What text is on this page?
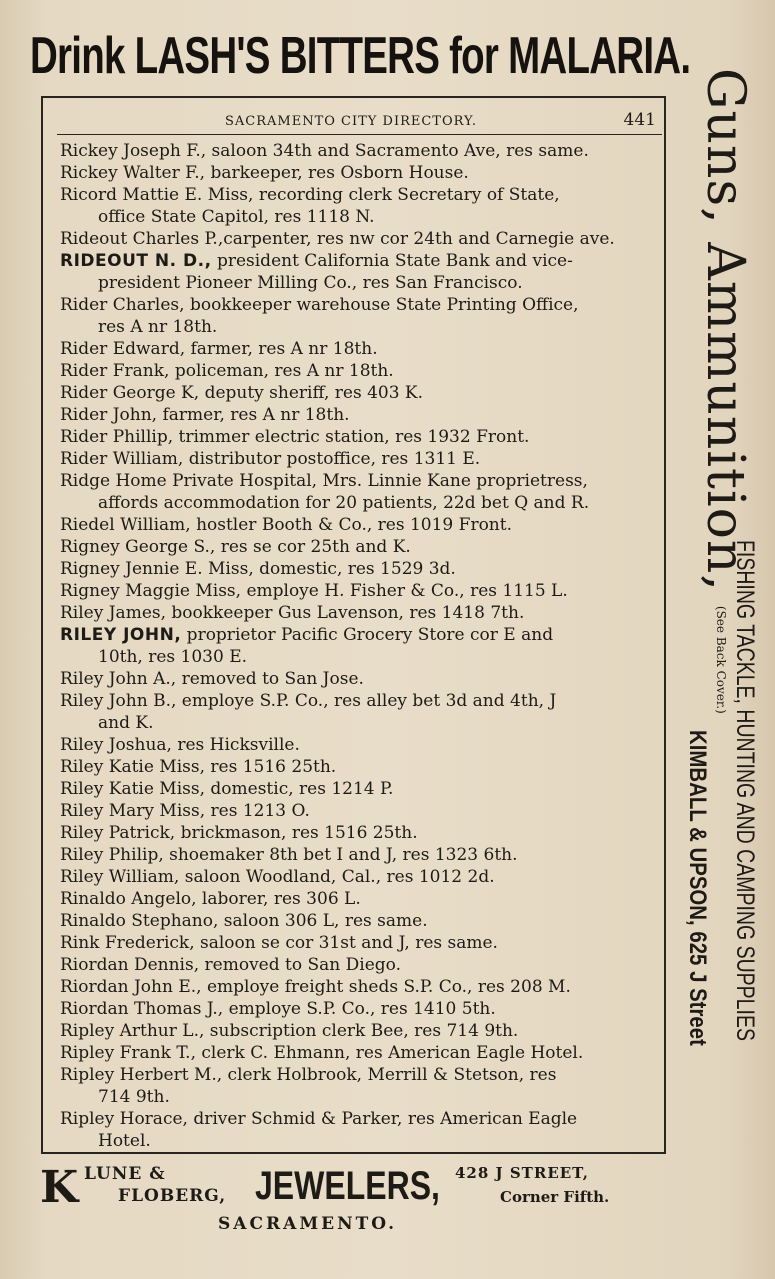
Drink LASH'S BITTERS for MALARIA.
SACRAMENTO CITY DIRECTORY.	441
Rickey Joseph F., saloon 34th and Sacramento Ave, res same.
Rickey Walter F., barkeeper, res Osborn House.
Ricord Mattie E. Miss, recording clerk Secretary of State,
office State Capitol, res 1118 N.
Rideout Charles P.,carpenter, res nw cor 24th and Carnegie ave.
RIDEOUT N. D., president California State Bank and vice-
president Pioneer Milling Co., res San Francisco.
Rider Charles, bookkeeper warehouse State Printing Office,
res A nr 18th.
Rider Edward, farmer, res A nr 18th.
Rider Frank, policeman, res A nr 18th.
Rider George K, deputy sheriff, res 403 K.
Rider John, farmer, res A nr 18th.
Rider Phillip, trimmer electric station, res 1932 Front.
Rider William, distributor postoffice, res 1311 E.
Ridge Home Private Hospital, Mrs. Linnie Kane proprietress,
affords accommodation for 20 patients, 22d bet Q and R.
Riedel William, hostler Booth & Co., res 1019 Front.
Rigney George S., res se cor 25th and K.
Rigney Jennie E. Miss, domestic, res 1529 3d.
Rigney Maggie Miss, employe H. Fisher & Co., res 1115 L.
Riley James, bookkeeper Gus Lavenson, res 1418 7th.
RILEY JOHN, proprietor Pacific Grocery Store cor E and
10th, res 1030 E.
Riley John A., removed to San Jose.
Riley John B., employe S.P. Co., res alley bet 3d and 4th, J
and K.
Riley Joshua, res Hicksville.
Riley Katie Miss, res 1516 25th.
Riley Katie Miss, domestic, res 1214 P.
Riley Mary Miss, res 1213 O.
Riley Patrick, brickmason, res 1516 25th.
Riley Philip, shoemaker 8th bet I and J, res 1323 6th.
Riley William, saloon Woodland, Cal., res 1012 2d.
Rinaldo Angelo, laborer, res 306 L.
Rinaldo Stephano, saloon 306 L, res same.
Rink Frederick, saloon se cor 31st and J, res same.
Riordan Dennis, removed to San Diego.
Riordan John E., employe freight sheds S.P. Co., res 208 M.
Riordan Thomas J., employe S.P. Co., res 1410 5th.
Ripley Arthur L., subscription clerk Bee, res 714 9th.
Ripley Frank T., clerk C. Ehmann, res American Eagle Hotel.
Ripley Herbert M., clerk Holbrook, Merrill & Stetson, res
714 9th.
Ripley Horace, driver Schmid & Parker, res American Eagle
Hotel.
Guns, Ammunition,(See Back Cover.) FISHING TACKLE, HUNTING AND CAMPING SUPPLIES
KIMBALL & UPSON, 625 J Street
K LUNE &
FLOBERG, JEWELERS, 428 J STREET,
Corner Fifth.
SACRAMENTO.
